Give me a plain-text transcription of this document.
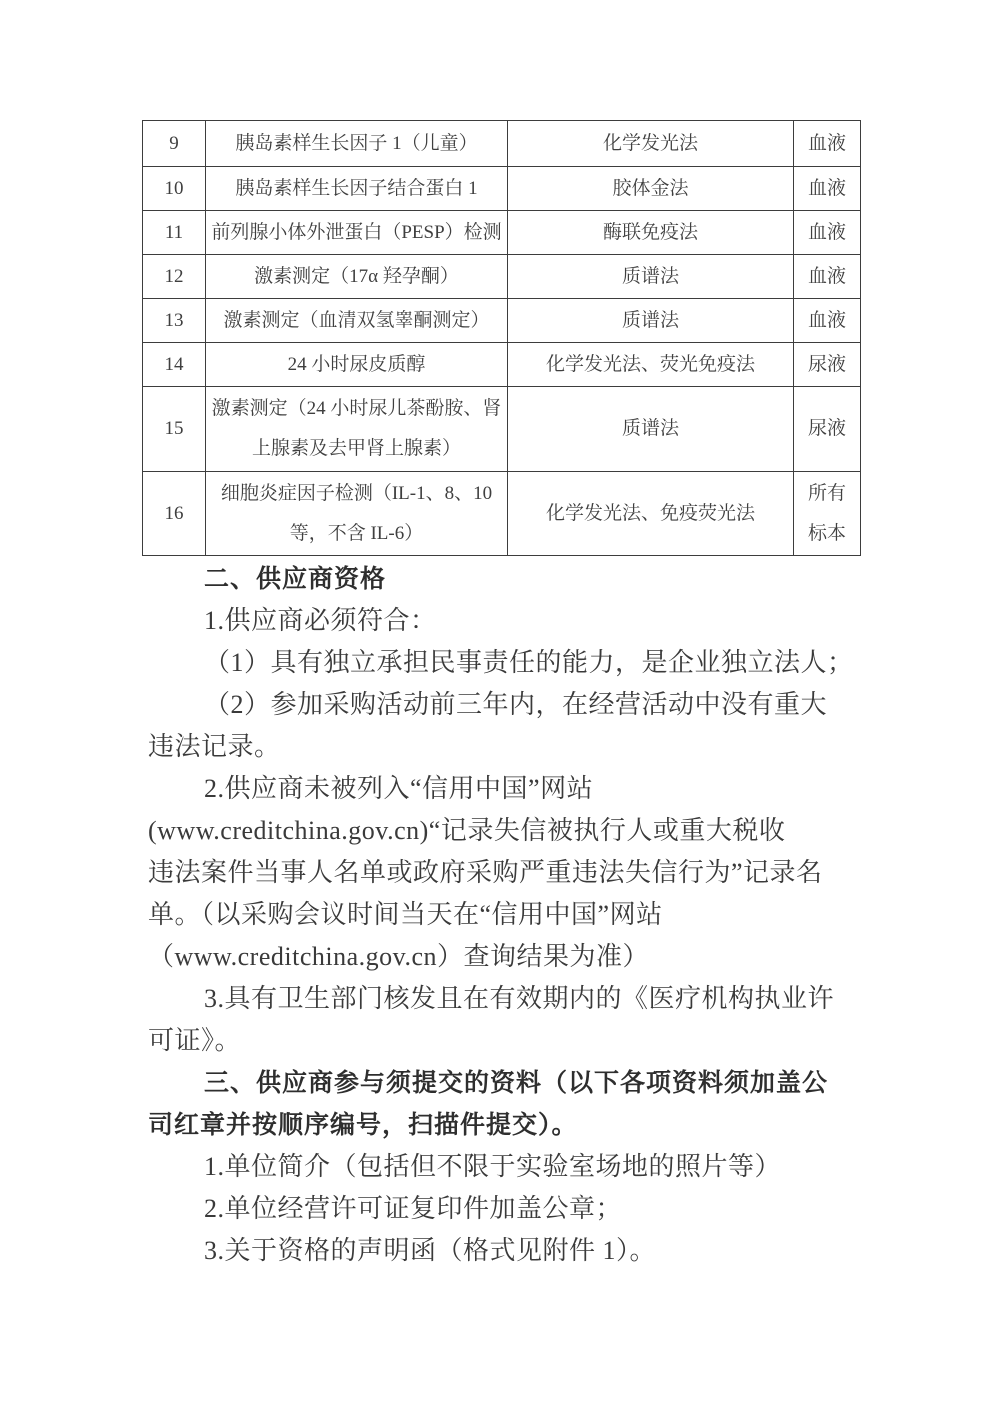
9	胰岛素样生长因子 1（儿童）	化学发光法	血液
10	胰岛素样生长因子结合蛋白 1	胶体金法	血液
11	前列腺小体外泄蛋白（PESP）检测	酶联免疫法	血液
12	激素测定（17α 羟孕酮）	质谱法	血液
13	激素测定（血清双氢睾酮测定）	质谱法	血液
14	24 小时尿皮质醇	化学发光法、荧光免疫法	尿液
15	激素测定（24 小时尿儿茶酚胺、肾上腺素及去甲肾上腺素）	质谱法	尿液
16	细胞炎症因子检测（IL-1、8、10 等，不含 IL-6）	化学发光法、免疫荧光法	所有标本
二、供应商资格
1.供应商必须符合：
（1）具有独立承担民事责任的能力，是企业独立法人；
（2）参加采购活动前三年内，在经营活动中没有重大
违法记录。
2.供应商未被列入“信用中国”网站
(www.creditchina.gov.cn)“记录失信被执行人或重大税收
违法案件当事人名单或政府采购严重违法失信行为”记录名
单。（以采购会议时间当天在“信用中国”网站
（www.creditchina.gov.cn）查询结果为准）
3.具有卫生部门核发且在有效期内的《医疗机构执业许
可证》。
三、供应商参与须提交的资料（以下各项资料须加盖公
司红章并按顺序编号，扫描件提交）。
1.单位简介（包括但不限于实验室场地的照片等）
2.单位经营许可证复印件加盖公章；
3.关于资格的声明函（格式见附件 1）。
